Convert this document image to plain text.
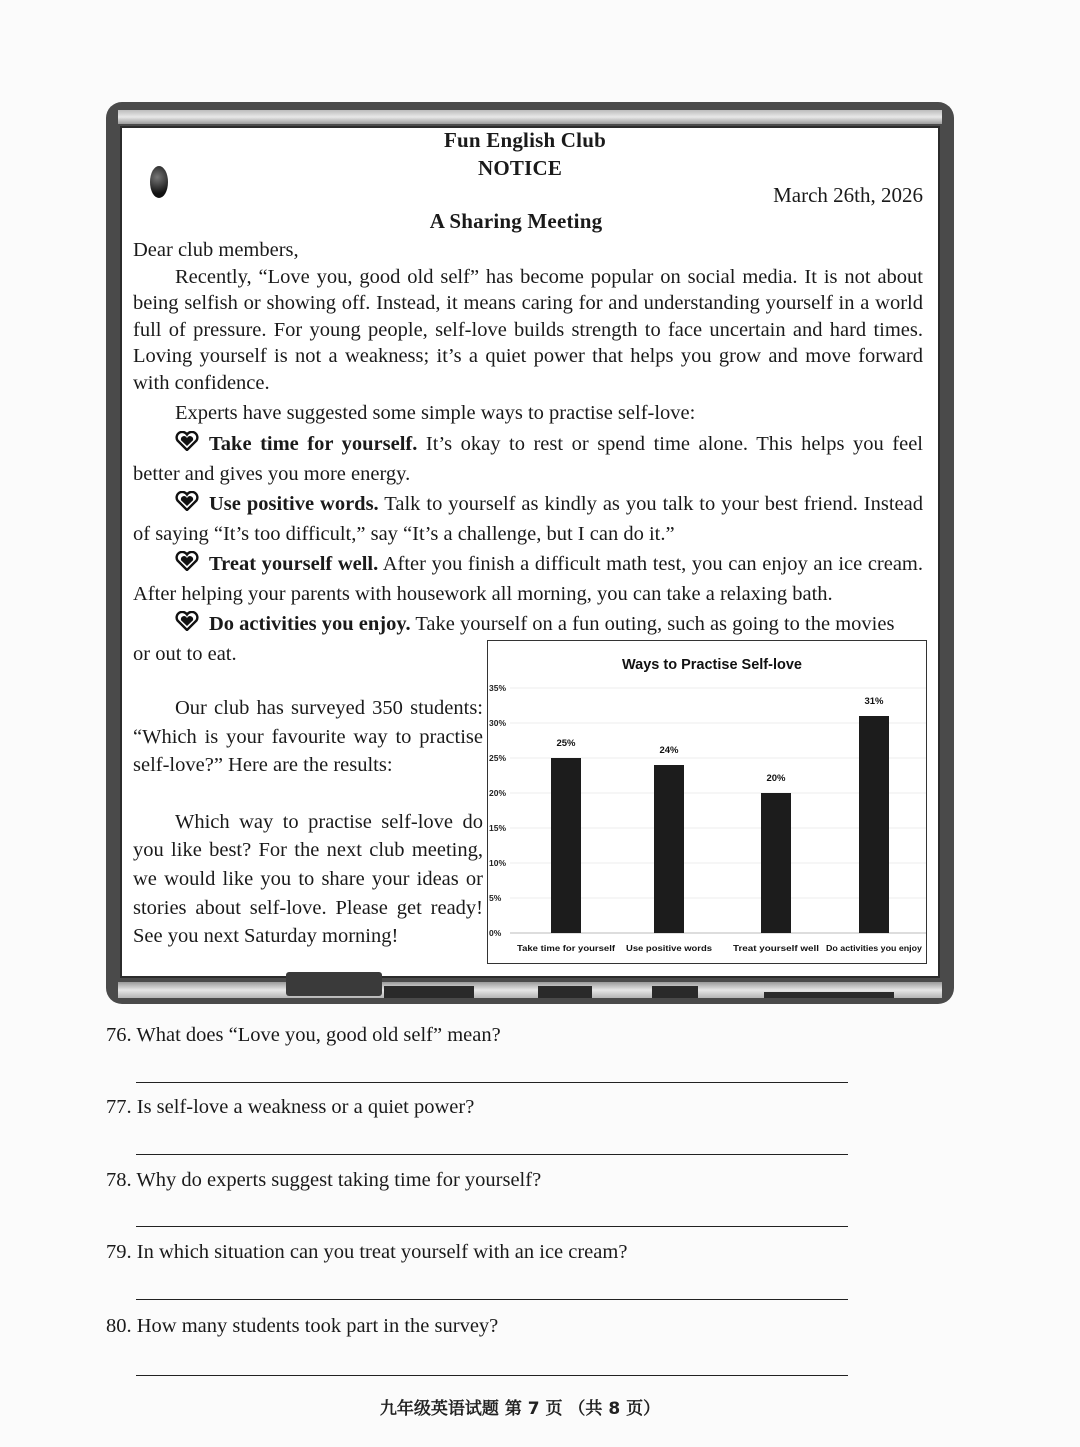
Fun English Club
NOTICE
March 26th, 2026
A Sharing Meeting

Dear club members,

Recently, “Love you, good old self” has become popular on social media. It is not about being selfish or showing off. Instead, it means caring for and understanding yourself in a world full of pressure. For young people, self-love builds strength to face uncertain and hard times. Loving yourself is not a weakness; it’s a quiet power that helps you grow and move forward with confidence.

Experts have suggested some simple ways to practise self-love:

Take time for yourself. It’s okay to rest or spend time alone. This helps you feel better and gives you more energy.

Use positive words. Talk to yourself as kindly as you talk to your best friend. Instead of saying “It’s too difficult,” say “It’s a challenge, but I can do it.”

Treat yourself well. After you finish a difficult math test, you can enjoy an ice cream. After helping your parents with housework all morning, you can take a relaxing bath.

Do activities you enjoy. Take yourself on a fun outing, such as going to the movies

or out to eat.

Our club has surveyed 350 students: “Which is your favourite way to practise self-love?” Here are the results:

Which way to practise self-love do you like best? For the next club meeting, we would like you to share your ideas or stories about self-love. Please get ready! See you next Saturday morning!

Ways to Practise Self-love
0%
5%
10%
15%
20%
25%
30%
35%
25%
Take time for yourself
24%
Use positive words
20%
Treat yourself well
31%
Do activities you enjoy
76. What does “Love you, good old self” mean?
77. Is self-love a weakness or a quiet power?
78. Why do experts suggest taking time for yourself?
79. In which situation can you treat yourself with an ice cream?
80. How many students took part in the survey?
九年级英语试题 第 7 页 （共 8 页）
